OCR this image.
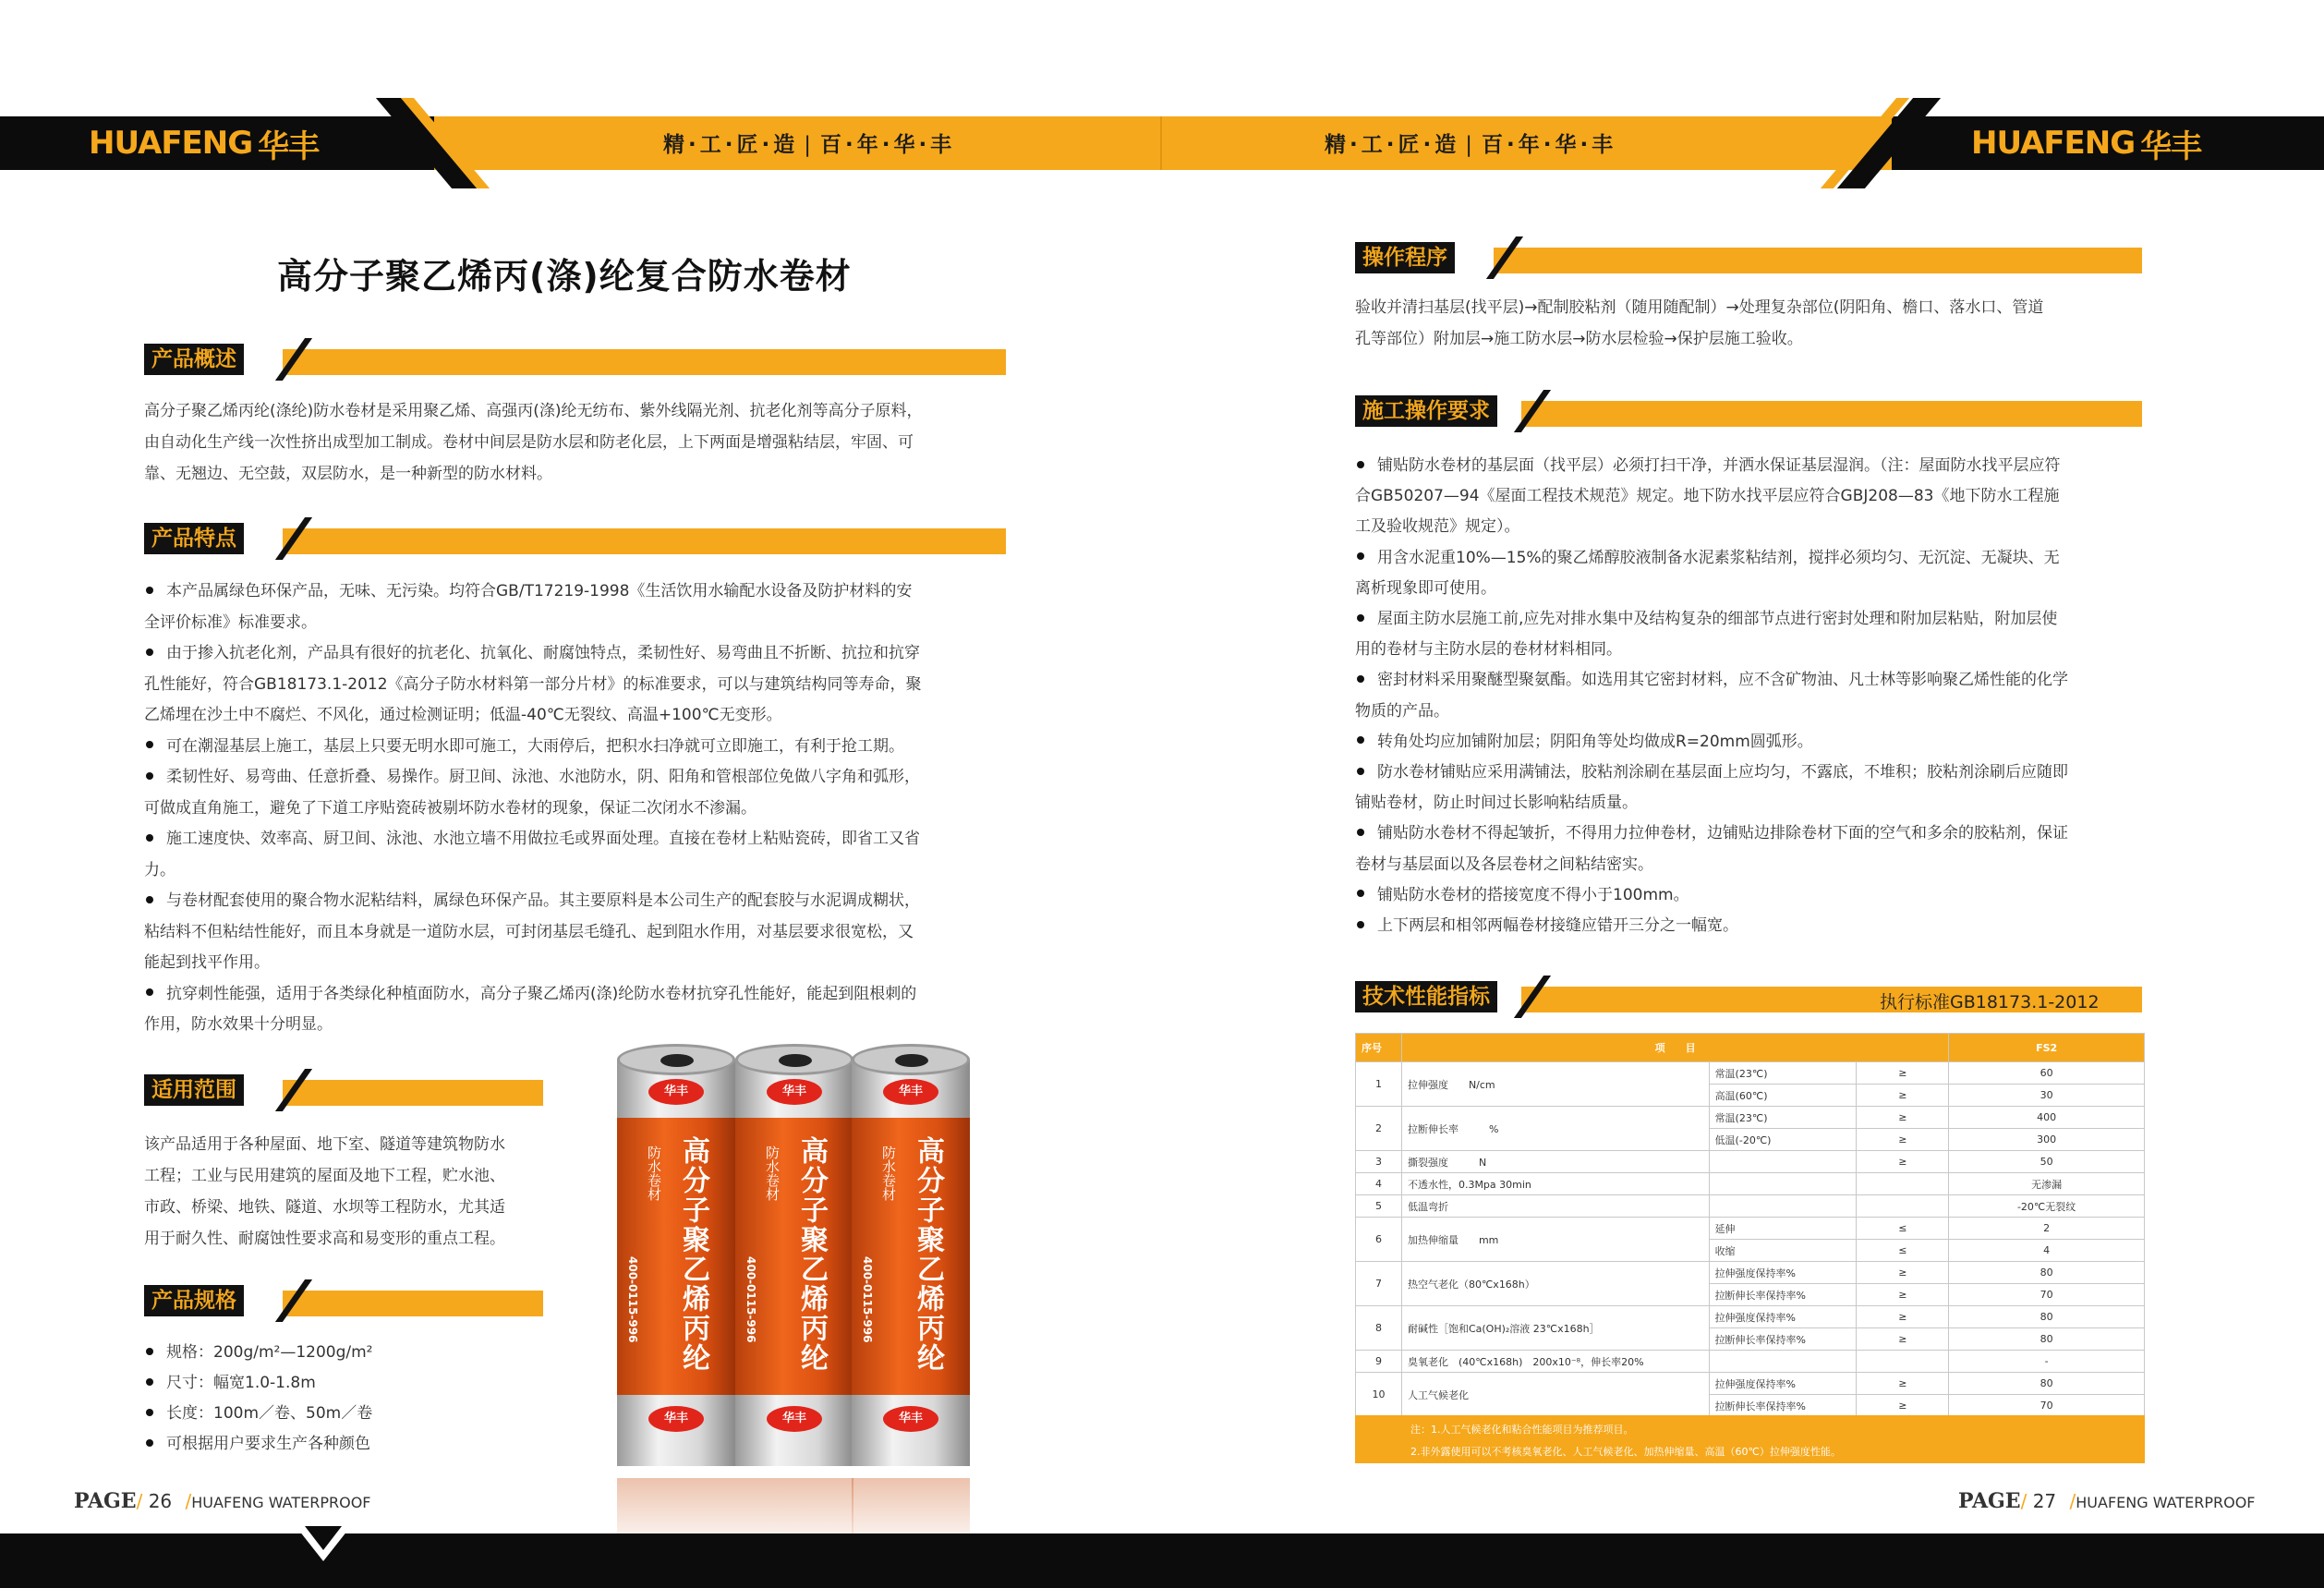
HUAFENG 华丰	HUAFENG 华丰
精·工·匠·造 | 百·年·华·丰	精·工·匠·造 | 百·年·华·丰
高分子聚乙烯丙(涤)纶复合防水卷材
产品概述

高分子聚乙烯丙纶(涤纶)防水卷材是采用聚乙烯、高强丙(涤)纶无纺布、紫外线隔光剂、抗老化剂等高分子原料，

由自动化生产线一次性挤出成型加工制成。卷材中间层是防水层和防老化层，上下两面是增强粘结层，牢固、可

靠、无翘边、无空鼓，双层防水，是一种新型的防水材料。

产品特点

本产品属绿色环保产品，无味、无污染。均符合GB/T17219-1998《生活饮用水输配水设备及防护材料的安

全评价标准》标准要求。

由于掺入抗老化剂，产品具有很好的抗老化、抗氧化、耐腐蚀特点，柔韧性好、易弯曲且不折断、抗拉和抗穿

孔性能好，符合GB18173.1-2012《高分子防水材料第一部分片材》的标准要求，可以与建筑结构同等寿命，聚

乙烯埋在沙土中不腐烂、不风化，通过检测证明；低温-40℃无裂纹、高温+100℃无变形。

可在潮湿基层上施工，基层上只要无明水即可施工，大雨停后，把积水扫净就可立即施工，有利于抢工期。

柔韧性好、易弯曲、任意折叠、易操作。厨卫间、泳池、水池防水，阴、阳角和管根部位免做八字角和弧形，

可做成直角施工，避免了下道工序贴瓷砖被剔坏防水卷材的现象，保证二次闭水不渗漏。

施工速度快、效率高、厨卫间、泳池、水池立墙不用做拉毛或界面处理。直接在卷材上粘贴瓷砖，即省工又省

力。

与卷材配套使用的聚合物水泥粘结料，属绿色环保产品。其主要原料是本公司生产的配套胶与水泥调成糊状，

粘结料不但粘结性能好，而且本身就是一道防水层，可封闭基层毛缝孔、起到阻水作用，对基层要求很宽松，又

能起到找平作用。

抗穿刺性能强，适用于各类绿化种植面防水，高分子聚乙烯丙(涤)纶防水卷材抗穿孔性能好，能起到阻根刺的

作用，防水效果十分明显。

适用范围

该产品适用于各种屋面、地下室、隧道等建筑物防水

工程；工业与民用建筑的屋面及地下工程，贮水池、

市政、桥梁、地铁、隧道、水坝等工程防水，尤其适

用于耐久性、耐腐蚀性要求高和易变形的重点工程。

产品规格

规格：200g/m²—1200g/m²

尺寸：幅宽1.0-1.8m

长度：100m／卷、50m／卷

可根据用户要求生产各种颜色

华丰
高分子聚乙烯丙纶
防水卷材
400-0115-996
华丰
华丰
高分子聚乙烯丙纶
防水卷材
400-0115-996
华丰
华丰
高分子聚乙烯丙纶
防水卷材
400-0115-996
华丰
PAGE/ 26 /HUAFENG WATERPROOF
操作程序

验收并清扫基层(找平层)→配制胶粘剂（随用随配制）→处理复杂部位(阴阳角、檐口、落水口、管道

孔等部位）附加层→施工防水层→防水层检验→保护层施工验收。

施工操作要求

铺贴防水卷材的基层面（找平层）必须打扫干净，并洒水保证基层湿润。（注：屋面防水找平层应符

合GB50207—94《屋面工程技术规范》规定。地下防水找平层应符合GBJ208—83《地下防水工程施

工及验收规范》规定）。

用含水泥重10%—15%的聚乙烯醇胶液制备水泥素浆粘结剂，搅拌必须均匀、无沉淀、无凝块、无

离析现象即可使用。

屋面主防水层施工前,应先对排水集中及结构复杂的细部节点进行密封处理和附加层粘贴，附加层使

用的卷材与主防水层的卷材材料相同。

密封材料采用聚醚型聚氨酯。如选用其它密封材料，应不含矿物油、凡士林等影响聚乙烯性能的化学

物质的产品。

转角处均应加铺附加层；阴阳角等处均做成R=20mm圆弧形。

防水卷材铺贴应采用满铺法，胶粘剂涂刷在基层面上应均匀，不露底，不堆积；胶粘剂涂刷后应随即

铺贴卷材，防止时间过长影响粘结质量。

铺贴防水卷材不得起皱折，不得用力拉伸卷材，边铺贴边排除卷材下面的空气和多余的胶粘剂，保证

卷材与基层面以及各层卷材之间粘结密实。

铺贴防水卷材的搭接宽度不得小于100mm。

上下两层和相邻两幅卷材接缝应错开三分之一幅宽。

技术性能指标	执行标准GB18173.1-2012
序号	项　　目			FS2
1	拉伸强度　　N/cm	常温(23℃)	≥	60
		高温(60℃)	≥	30
2	拉断伸长率　　　%	常温(23℃)	≥	400
		低温(-20℃)	≥	300
3	撕裂强度　　　N		≥	50
4	不透水性，0.3Mpa 30min			无渗漏
5	低温弯折			-20℃无裂纹
6	加热伸缩量　　mm	延伸	≤	2
		收缩	≤	4
7	热空气老化（80℃x168h）	拉伸强度保持率%	≥	80
		拉断伸长率保持率%	≥	70
8	耐碱性［饱和Ca(OH)₂溶液 23℃x168h］	拉伸强度保持率%	≥	80
		拉断伸长率保持率%	≥	80
9	臭氧老化　(40℃x168h)　200x10⁻⁸，伸长率20%			-
10	人工气候老化	拉伸强度保持率%	≥	80
		拉断伸长率保持率%	≥	70
注：1.人工气候老化和粘合性能项目为推荐项目。
2.非外露使用可以不考核臭氧老化、人工气候老化、加热伸缩量、高温（60℃）拉伸强度性能。
PAGE/ 27 /HUAFENG WATERPROOF
